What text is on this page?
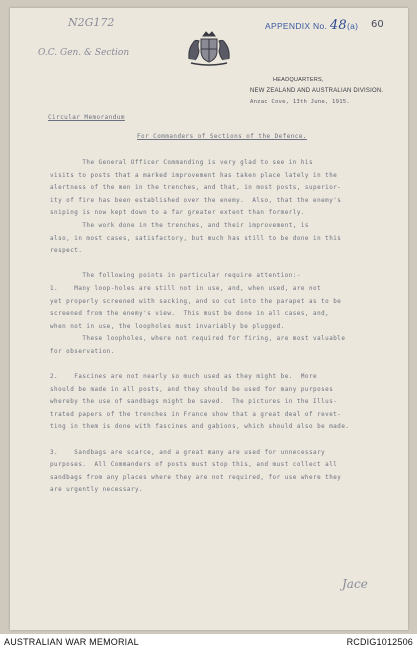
N2G172
O.C. Gen. & Section
APPENDIX No. 48(a) 60
HEADQUARTERS,
NEW ZEALAND AND AUSTRALIAN DIVISION.
Anzac Cove, 13th June, 1915.
Circular Memorandum
For Commanders of Sections of the Defence.
The General Officer Commanding is very glad to see in his
visits to posts that a marked improvement has taken place lately in the
alertness of the men in the trenches, and that, in most posts, superior-
ity of fire has been established over the enemy.  Also, that the enemy's
sniping is now kept down to a far greater extent than formerly.
The work done in the trenches, and their improvement, is
also, in most cases, satisfactory, but much has still to be done in this
respect.
The following points in particular require attention:-
1.    Many loop-holes are still not in use, and, when used, are not
yet properly screened with sacking, and so cut into the parapet as to be
screened from the enemy's view.  This must be done in all cases, and,
when not in use, the loopholes must invariably be plugged.
These loopholes, where not required for firing, are most valuable
for observation.
2.    Fascines are not nearly so much used as they might be.  More
should be made in all posts, and they should be used for many purposes
whereby the use of sandbags might be saved.  The pictures in the Illus-
trated papers of the trenches in France show that a great deal of revet-
ting in them is done with fascines and gabions, which should also be made.
3.    Sandbags are scarce, and a great many are used for unnecessary
purposes.  All Commanders of posts must stop this, and must collect all
sandbags from any places where they are not required, for use where they
are urgently necessary.
Jace
AUSTRALIAN WAR MEMORIAL	RCDIG1012506
